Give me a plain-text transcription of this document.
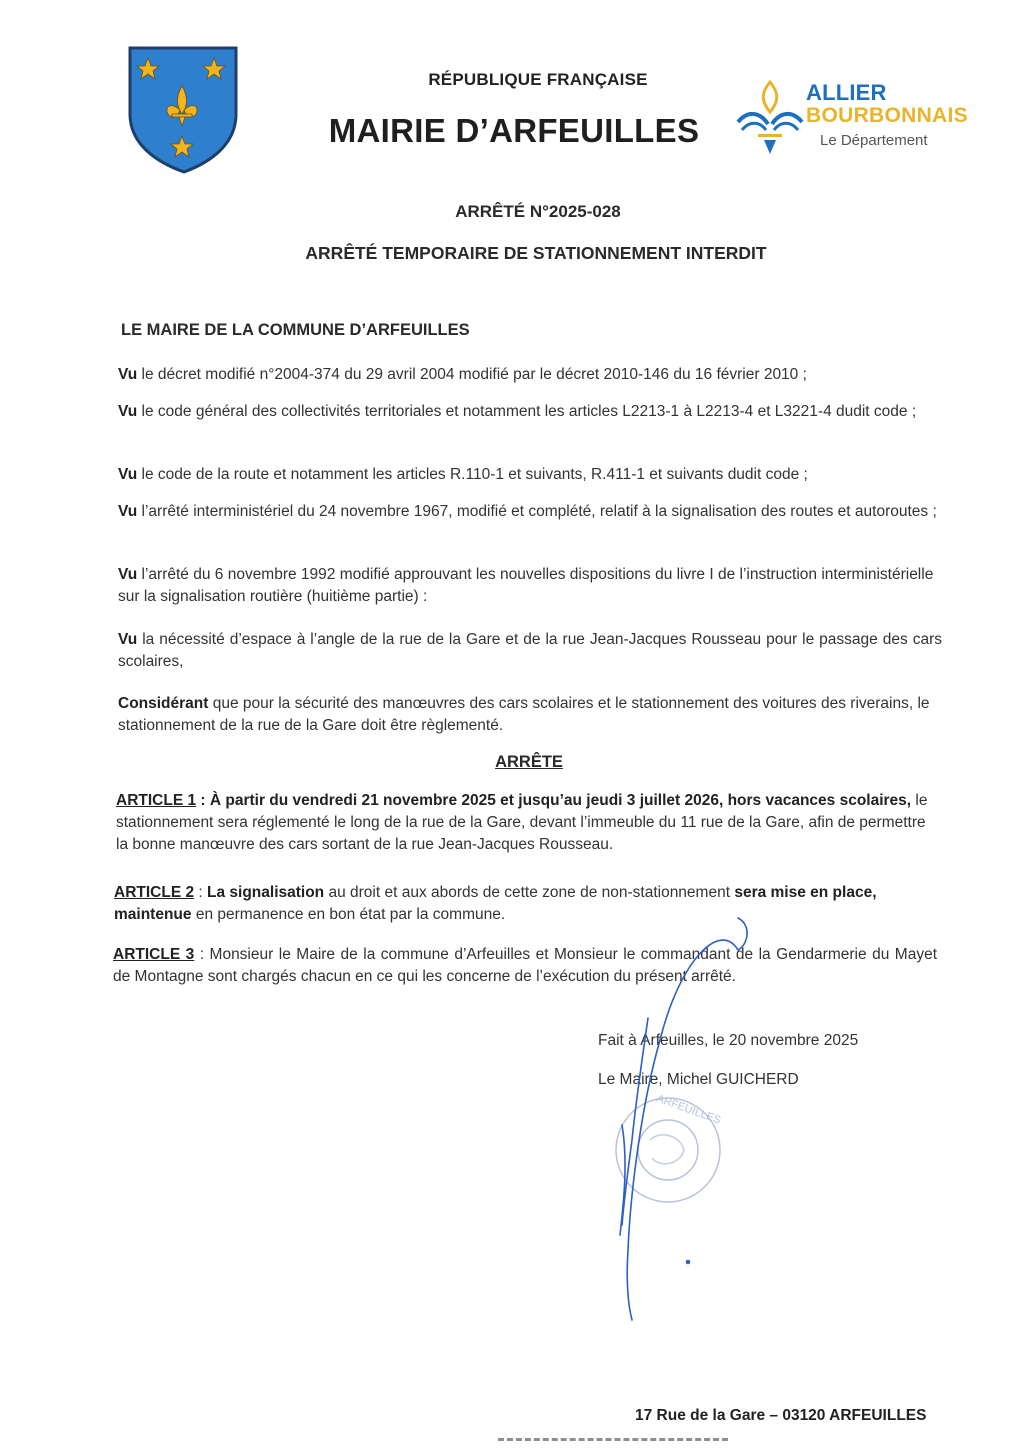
RÉPUBLIQUE FRANÇAISE
MAIRIE D’ARFEUILLES
ALLIER
BOURBONNAIS
Le Département
ARRÊTÉ N°2025-028
ARRÊTÉ TEMPORAIRE DE STATIONNEMENT INTERDIT
LE MAIRE DE LA COMMUNE D’ARFEUILLES
Vu le décret modifié n°2004-374 du 29 avril 2004 modifié par le décret 2010-146 du 16 février 2010 ;
Vu le code général des collectivités territoriales et notamment les articles L2213-1 à L2213-4 et L3221-4 dudit code ;
Vu le code de la route et notamment les articles R.110-1 et suivants, R.411-1 et suivants dudit code ;
Vu l’arrêté interministériel du 24 novembre 1967, modifié et complété, relatif à la signalisation des routes et autoroutes ;
Vu l’arrêté du 6 novembre 1992 modifié approuvant les nouvelles dispositions du livre I de l’instruction interministérielle sur la signalisation routière (huitième partie) :
Vu la nécessité d’espace à l’angle de la rue de la Gare et de la rue Jean-Jacques Rousseau pour le passage des cars scolaires,
Considérant que pour la sécurité des manœuvres des cars scolaires et le stationnement des voitures des riverains, le stationnement de la rue de la Gare doit être règlementé.
ARRÊTE
ARTICLE 1 : À partir du vendredi 21 novembre 2025 et jusqu’au jeudi 3 juillet 2026, hors vacances scolaires, le stationnement sera réglementé le long de la rue de la Gare, devant l’immeuble du 11 rue de la Gare, afin de permettre la bonne manœuvre des cars sortant de la rue Jean-Jacques Rousseau.
ARTICLE 2 : La signalisation au droit et aux abords de cette zone de non-stationnement sera mise en place, maintenue en permanence en bon état par la commune.
ARTICLE 3 : Monsieur le Maire de la commune d’Arfeuilles et Monsieur le commandant de la Gendarmerie du Mayet de Montagne sont chargés chacun en ce qui les concerne de l’exécution du présent arrêté.
Fait à Arfeuilles, le 20 novembre 2025
Le Maire, Michel GUICHERD
ARFEUILLES
17 Rue de la Gare – 03120 ARFEUILLES
